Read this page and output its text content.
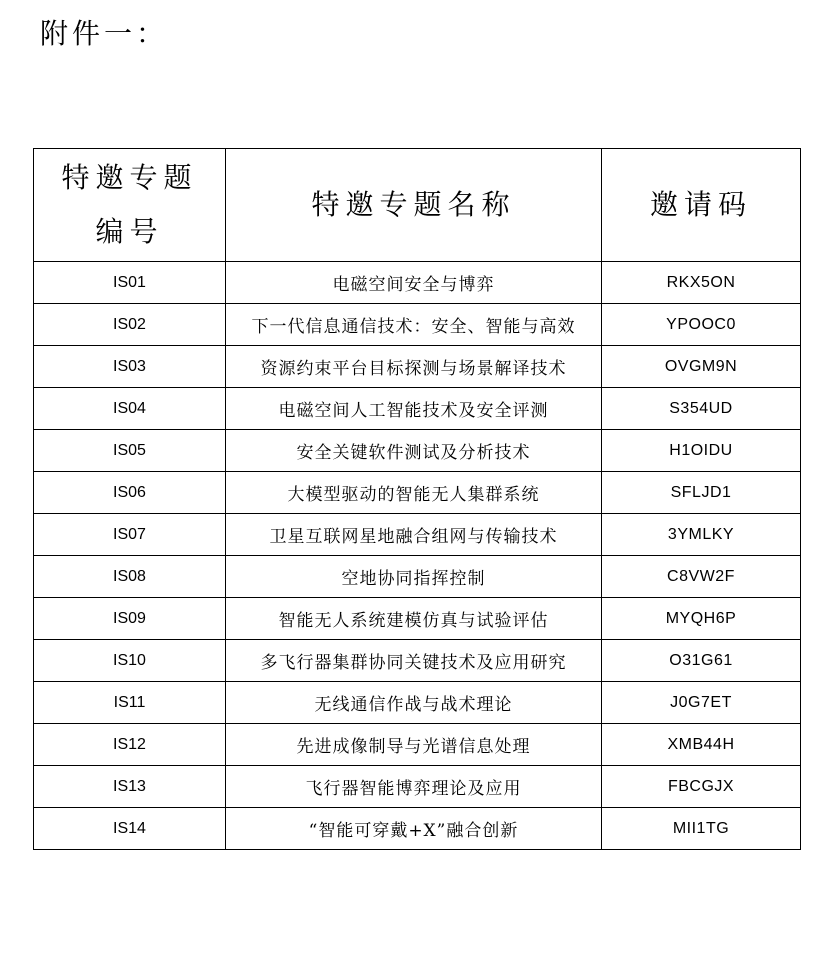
附件一：
特邀专题
编号	特邀专题名称	邀请码
IS01	电磁空间安全与博弈	RKX5ON
IS02	下一代信息通信技术：安全、智能与高效	YPOOC0
IS03	资源约束平台目标探测与场景解译技术	OVGM9N
IS04	电磁空间人工智能技术及安全评测	S354UD
IS05	安全关键软件测试及分析技术	H1OIDU
IS06	大模型驱动的智能无人集群系统	SFLJD1
IS07	卫星互联网星地融合组网与传输技术	3YMLKY
IS08	空地协同指挥控制	C8VW2F
IS09	智能无人系统建模仿真与试验评估	MYQH6P
IS10	多飞行器集群协同关键技术及应用研究	O31G61
IS11	无线通信作战与战术理论	J0G7ET
IS12	先进成像制导与光谱信息处理	XMB44H
IS13	飞行器智能博弈理论及应用	FBCGJX
IS14	“智能可穿戴+X”融合创新	MII1TG
